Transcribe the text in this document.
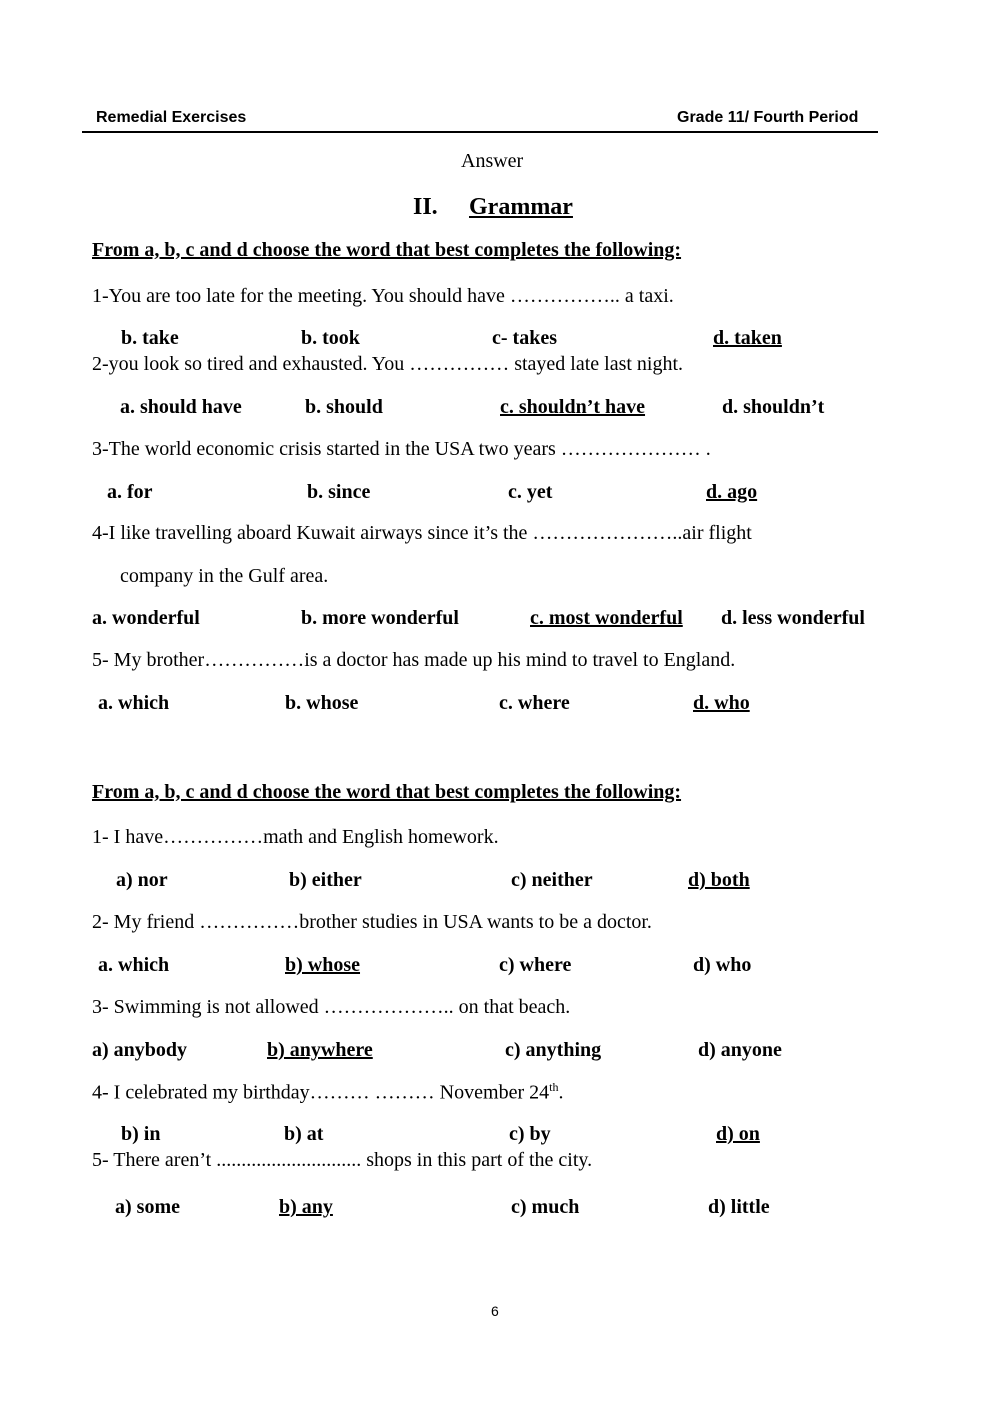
Remedial Exercises	Grade 11/ Fourth Period
Answer
II. Grammar
From a, b, c and d choose the word that best completes the following:
1-You are too late for the meeting. You should have …………….. a taxi.
b. take	b. took	c- takes	d. taken
2-you look so tired and exhausted. You …………… stayed late last night.
a. should have	b. should	c. shouldn’t have	d. shouldn’t
3-The world economic crisis started in the USA two years ………………… .
a. for	b. since	c. yet	d. ago
4-I like travelling aboard Kuwait airways since it’s the …………………..air flight
company in the Gulf area.
a. wonderful	b. more wonderful	c. most wonderful d. less wonderful
5- My brother……………is a doctor has made up his mind to travel to England.
a. which	b. whose	c. where	d. who
From a, b, c and d choose the word that best completes the following:
1- I have……………math and English homework.
a) nor	b) either	c) neither	d) both
2- My friend ……………brother studies in USA wants to be a doctor.
a. which	b) whose	c) where	d) who
3- Swimming is not allowed ……………….. on that beach.
a) anybody	b) anywhere	c) anything	d) anyone
4- I celebrated my birthday……… ……… November 24th.
b) in	b) at	c) by	d) on
5- There aren’t ............................. shops in this part of the city.
a) some	b) any	c) much	d) little
6
